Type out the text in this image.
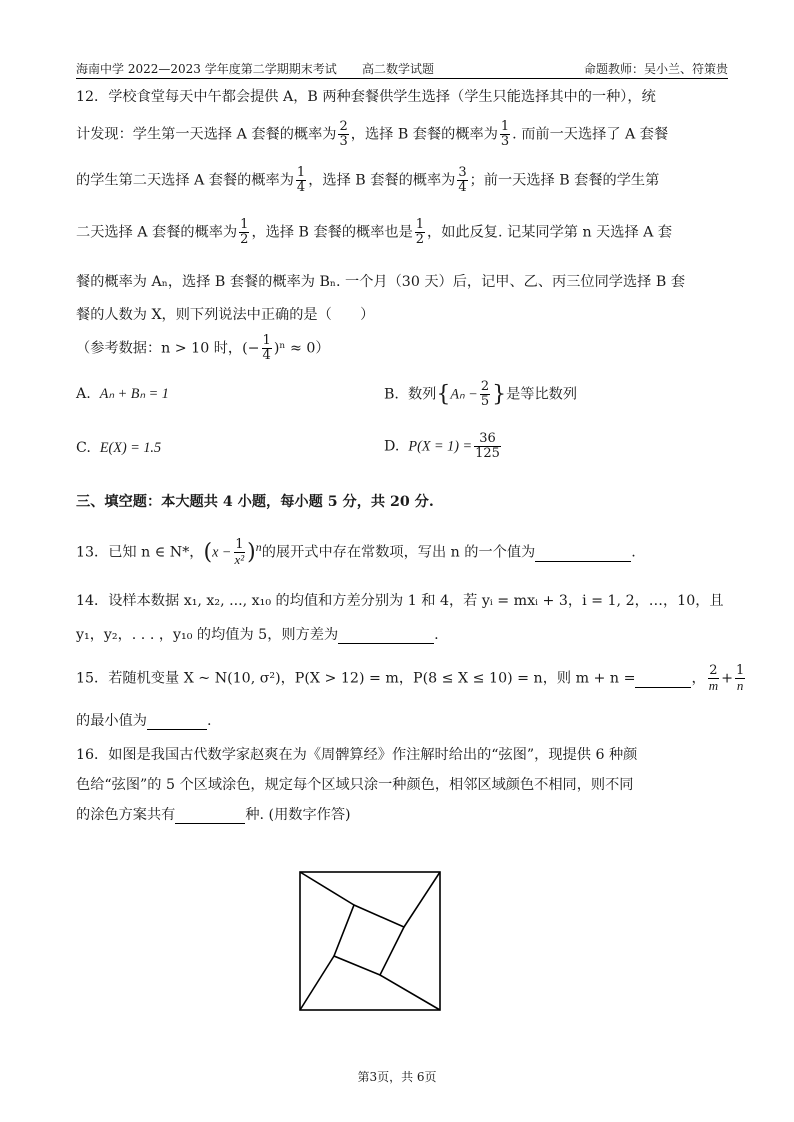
海南中学 2022—2023 学年度第二学期期末考试 高二数学试题	命题教师：吴小兰、符策贵
12．学校食堂每天中午都会提供 A，B 两种套餐供学生选择（学生只能选择其中的一种），统
计发现：学生第一天选择 A 套餐的概率为 $\frac{2}{3}$ ，选择 B 套餐的概率为 $\frac{1}{3}$ . 而前一天选择了 A 套餐
的学生第二天选择 A 套餐的概率为 $\frac{1}{4}$ ，选择 B 套餐的概率为 $\frac{3}{4}$ ；前一天选择 B 套餐的学生第
二天选择 A 套餐的概率为 $\frac{1}{2}$ ，选择 B 套餐的概率也是 $\frac{1}{2}$ ，如此反复. 记某同学第 n 天选择 A 套
餐的概率为 Aₙ，选择 B 套餐的概率为 Bₙ. 一个月（30 天）后，记甲、乙、丙三位同学选择 B 套
餐的人数为 X，则下列说法中正确的是（　　）
（参考数据：n > 10 时，(− $\frac{1}{4} )^n \approx 0$）
A. Aₙ + Bₙ = 1	B. 数列{$A_n - \frac{2}{5}$ }是等比数列
C. E(X) = 1.5	D. $P(X = 1) = \frac{36}{125}$
三、填空题：本大题共 4 小题，每小题 5 分，共 20 分.
13．已知 n ∈ N*，$(x - \frac{1}{\text{x²}} )^n$的展开式中存在常数项，写出 n 的一个值为	.
14．设样本数据 x₁, x₂, ..., x₁₀ 的均值和方差分别为 1 和 4，若 yᵢ = mxᵢ + 3，i = 1, 2，…，10，且
y₁，y₂，. . . ，y₁₀ 的均值为 5，则方差为	.
15．若随机变量 X ~ N(10, σ²)，P(X > 12) = m，P(8 ≤ X ≤ 10) = n，则 m + n =	， $\frac{2}{m} + \frac{1}{n}$
的最小值为	.
16．如图是我国古代数学家赵爽在为《周髀算经》作注解时给出的“弦图”，现提供 6 种颜
色给“弦图”的 5 个区域涂色，规定每个区域只涂一种颜色，相邻区域颜色不相同，则不同
的涂色方案共有	种. (用数字作答)
第3页，共 6页
